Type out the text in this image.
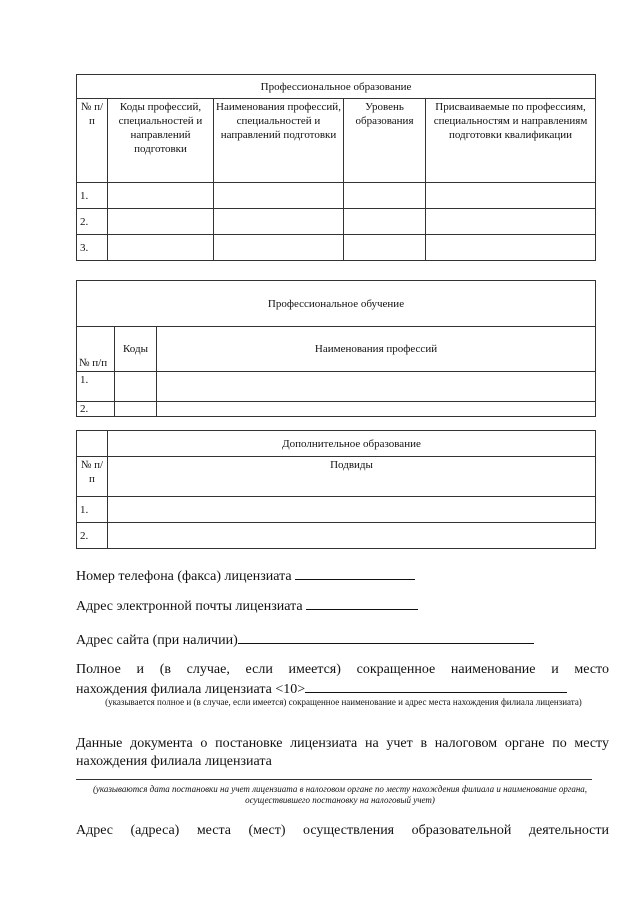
Профессиональное образование				
№ п/п	Коды профессий, специальностей и направлений подготовки	Наименования профессий, специальностей и направлений подготовки	Уровень образования	Присваиваемые по профессиям, специальностям и направлениям подготовки квалификации
1.				
2.				
3.				
Профессиональное обучение		
№ п/п	Коды	Наименования профессий
1.		
2.		
	Дополнительное образование
№ п/п	Подвиды
1.	
2.	
Номер телефона (факса) лицензиата
Адрес электронной почты лицензиата
Адрес сайта (при наличии)
Полное и (в случае, если имеется) сокращенное наименование и место
нахождения филиала лицензиата <10>
(указывается полное и (в случае, если имеется) сокращенное наименование и адрес места нахождения филиала лицензиата)
Данные документа о постановке лицензиата на учет в налоговом органе по месту
нахождения филиала лицензиата
(указываются дата постановки на учет лицензиата в налоговом органе по месту нахождения филиала и наименование органа, осуществившего постановку на налоговый учет)
Адрес (адреса) места (мест) осуществления образовательной деятельности
